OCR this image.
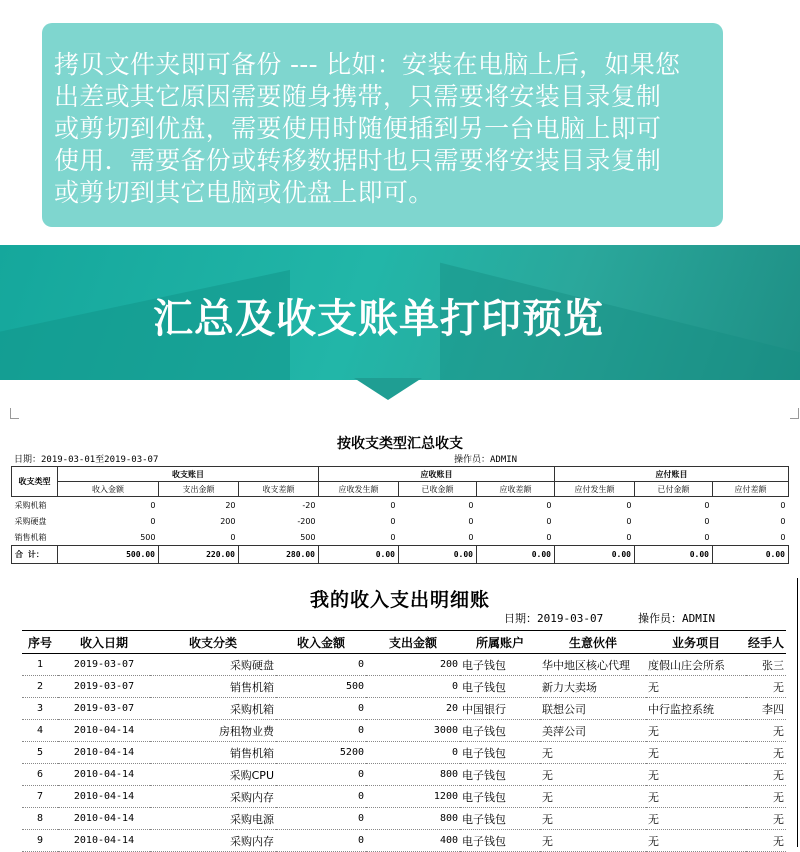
拷贝文件夹即可备份 --- 比如：安装在电脑上后，如果您
出差或其它原因需要随身携带，只需要将安装目录复制
或剪切到优盘，需要使用时随便插到另一台电脑上即可
使用．需要备份或转移数据时也只需要将安装目录复制
或剪切到其它电脑或优盘上即可。
汇总及收支账单打印预览
按收支类型汇总收支
日期：2019-03-01至2019-03-07	操作员：ADMIN
收支类型	收支账目			应收账目			应付账目		
	收入金额	支出金额	收支差额	应收发生额	已收金额	应收差额	应付发生额	已付金额	应付差额
采购机箱	0	20	-20	0	0	0	0	0	0
采购硬盘	0	200	-200	0	0	0	0	0	0
销售机箱	500	0	500	0	0	0	0	0	0
合 计：	500.00	220.00	280.00	0.00	0.00	0.00	0.00	0.00	0.00
我的收入支出明细账
日期：2019-03-07	操作员：ADMIN
序号	收入日期	收支分类	收入金额	支出金额	所属账户	生意伙伴	业务项目	经手人
1	2019-03-07	采购硬盘	0	200	电子钱包	华中地区核心代理	度假山庄会所系	张三
2	2019-03-07	销售机箱	500	0	电子钱包	新力大卖场	无	无
3	2019-03-07	采购机箱	0	20	中国银行	联想公司	中行监控系统	李四
4	2010-04-14	房租物业费	0	3000	电子钱包	美萍公司	无	无
5	2010-04-14	销售机箱	5200	0	电子钱包	无	无	无
6	2010-04-14	采购CPU	0	800	电子钱包	无	无	无
7	2010-04-14	采购内存	0	1200	电子钱包	无	无	无
8	2010-04-14	采购电源	0	800	电子钱包	无	无	无
9	2010-04-14	采购内存	0	400	电子钱包	无	无	无
